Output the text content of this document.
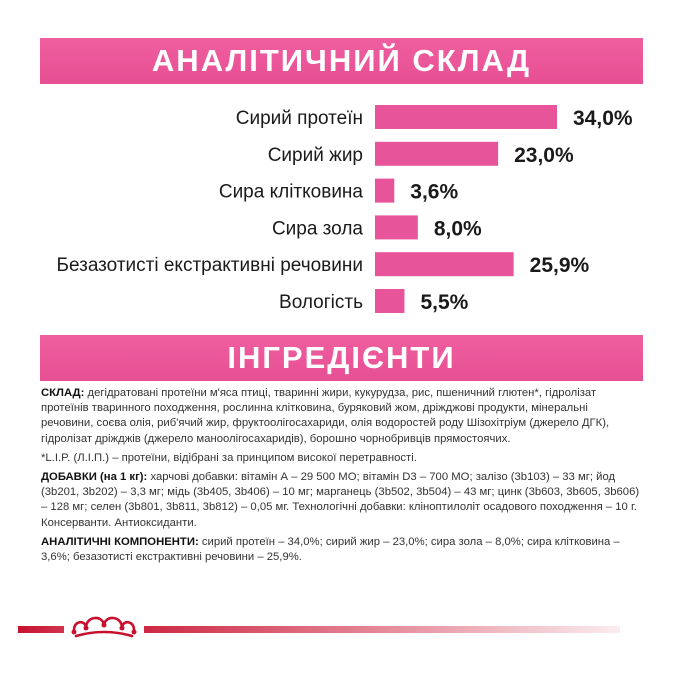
АНАЛІТИЧНИЙ СКЛАД
Сирий протеїн	34,0%
Сирий жир	23,0%
Сира клітковина 3,6%
Сира зола	8,0%
Безазотисті екстрактивні речовини	25,9%
Вологість	5,5%
ІНГРЕДІЄНТИ

СКЛАД: дегідратовані протеїни м'яса птиці, тваринні жири, кукурудза, рис, пшеничний глютен*, гідролізат протеїнів тваринного походження, рослинна клітковина, буряковий жом, дріжджові продукти, мінеральні речовини, соєва олія, риб'ячий жир, фруктоолігосахариди, олія водоростей роду Шізохітріум (джерело ДГК), гідролізат дріжджів (джерело маноолігосахаридів), борошно чорнобривців прямостоячих.

*L.I.P. (Л.І.П.) – протеїни, відібрані за принципом високої перетравності.

ДОБАВКИ (на 1 кг): харчові добавки: вітамін А – 29 500 МО; вітамін D3 – 700 МО; залізо (3b103) – 33 мг; йод (3b201, 3b202) – 3,3 мг; мідь (3b405, 3b406) – 10 мг; марганець (3b502, 3b504) – 43 мг; цинк (3b603, 3b605, 3b606) – 128 мг; селен (3b801, 3b811, 3b812) – 0,05 мг. Технологічні добавки: клінoптилоліт осадового походження – 10 г. Консерванти. Антиоксиданти.

АНАЛІТИЧНІ КОМПОНЕНТИ: сирий протеїн – 34,0%; сирий жир – 23,0%; сира зола – 8,0%; сира клітковина – 3,6%; безазотисті екстрактивні речовини – 25,9%.
